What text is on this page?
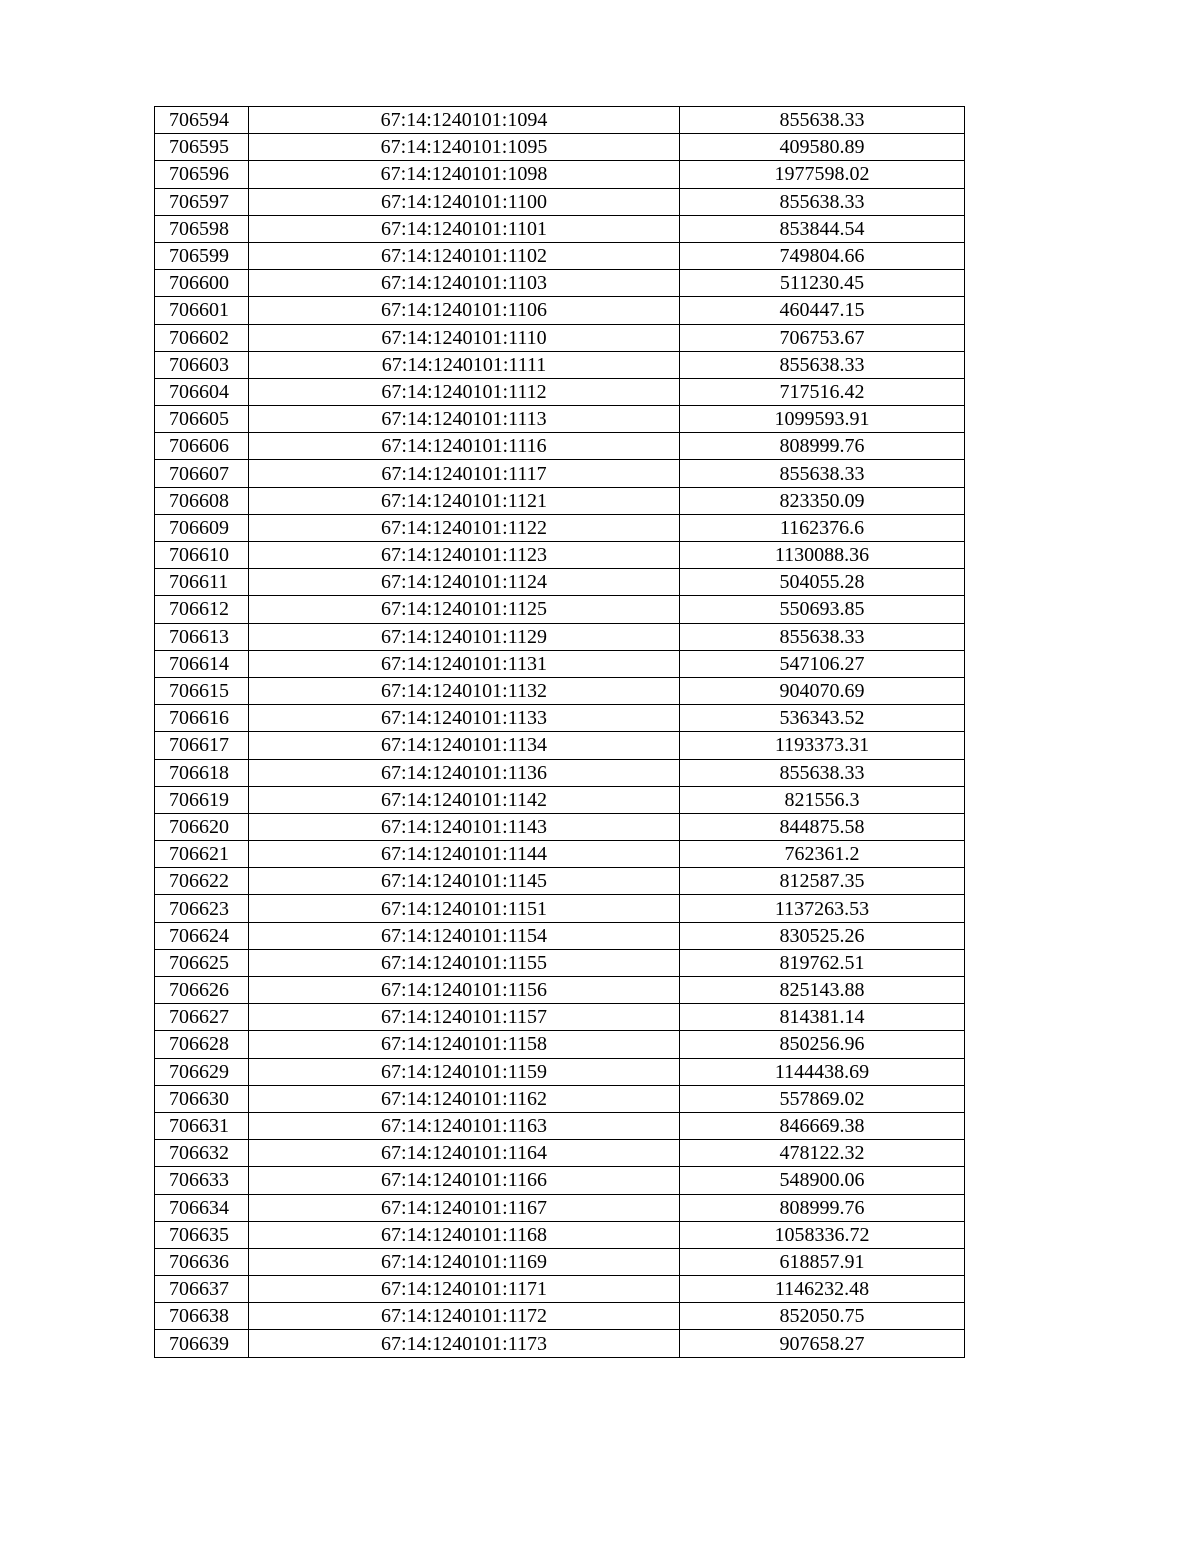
706594	67:14:1240101:1094	855638.33
706595	67:14:1240101:1095	409580.89
706596	67:14:1240101:1098	1977598.02
706597	67:14:1240101:1100	855638.33
706598	67:14:1240101:1101	853844.54
706599	67:14:1240101:1102	749804.66
706600	67:14:1240101:1103	511230.45
706601	67:14:1240101:1106	460447.15
706602	67:14:1240101:1110	706753.67
706603	67:14:1240101:1111	855638.33
706604	67:14:1240101:1112	717516.42
706605	67:14:1240101:1113	1099593.91
706606	67:14:1240101:1116	808999.76
706607	67:14:1240101:1117	855638.33
706608	67:14:1240101:1121	823350.09
706609	67:14:1240101:1122	1162376.6
706610	67:14:1240101:1123	1130088.36
706611	67:14:1240101:1124	504055.28
706612	67:14:1240101:1125	550693.85
706613	67:14:1240101:1129	855638.33
706614	67:14:1240101:1131	547106.27
706615	67:14:1240101:1132	904070.69
706616	67:14:1240101:1133	536343.52
706617	67:14:1240101:1134	1193373.31
706618	67:14:1240101:1136	855638.33
706619	67:14:1240101:1142	821556.3
706620	67:14:1240101:1143	844875.58
706621	67:14:1240101:1144	762361.2
706622	67:14:1240101:1145	812587.35
706623	67:14:1240101:1151	1137263.53
706624	67:14:1240101:1154	830525.26
706625	67:14:1240101:1155	819762.51
706626	67:14:1240101:1156	825143.88
706627	67:14:1240101:1157	814381.14
706628	67:14:1240101:1158	850256.96
706629	67:14:1240101:1159	1144438.69
706630	67:14:1240101:1162	557869.02
706631	67:14:1240101:1163	846669.38
706632	67:14:1240101:1164	478122.32
706633	67:14:1240101:1166	548900.06
706634	67:14:1240101:1167	808999.76
706635	67:14:1240101:1168	1058336.72
706636	67:14:1240101:1169	618857.91
706637	67:14:1240101:1171	1146232.48
706638	67:14:1240101:1172	852050.75
706639	67:14:1240101:1173	907658.27
